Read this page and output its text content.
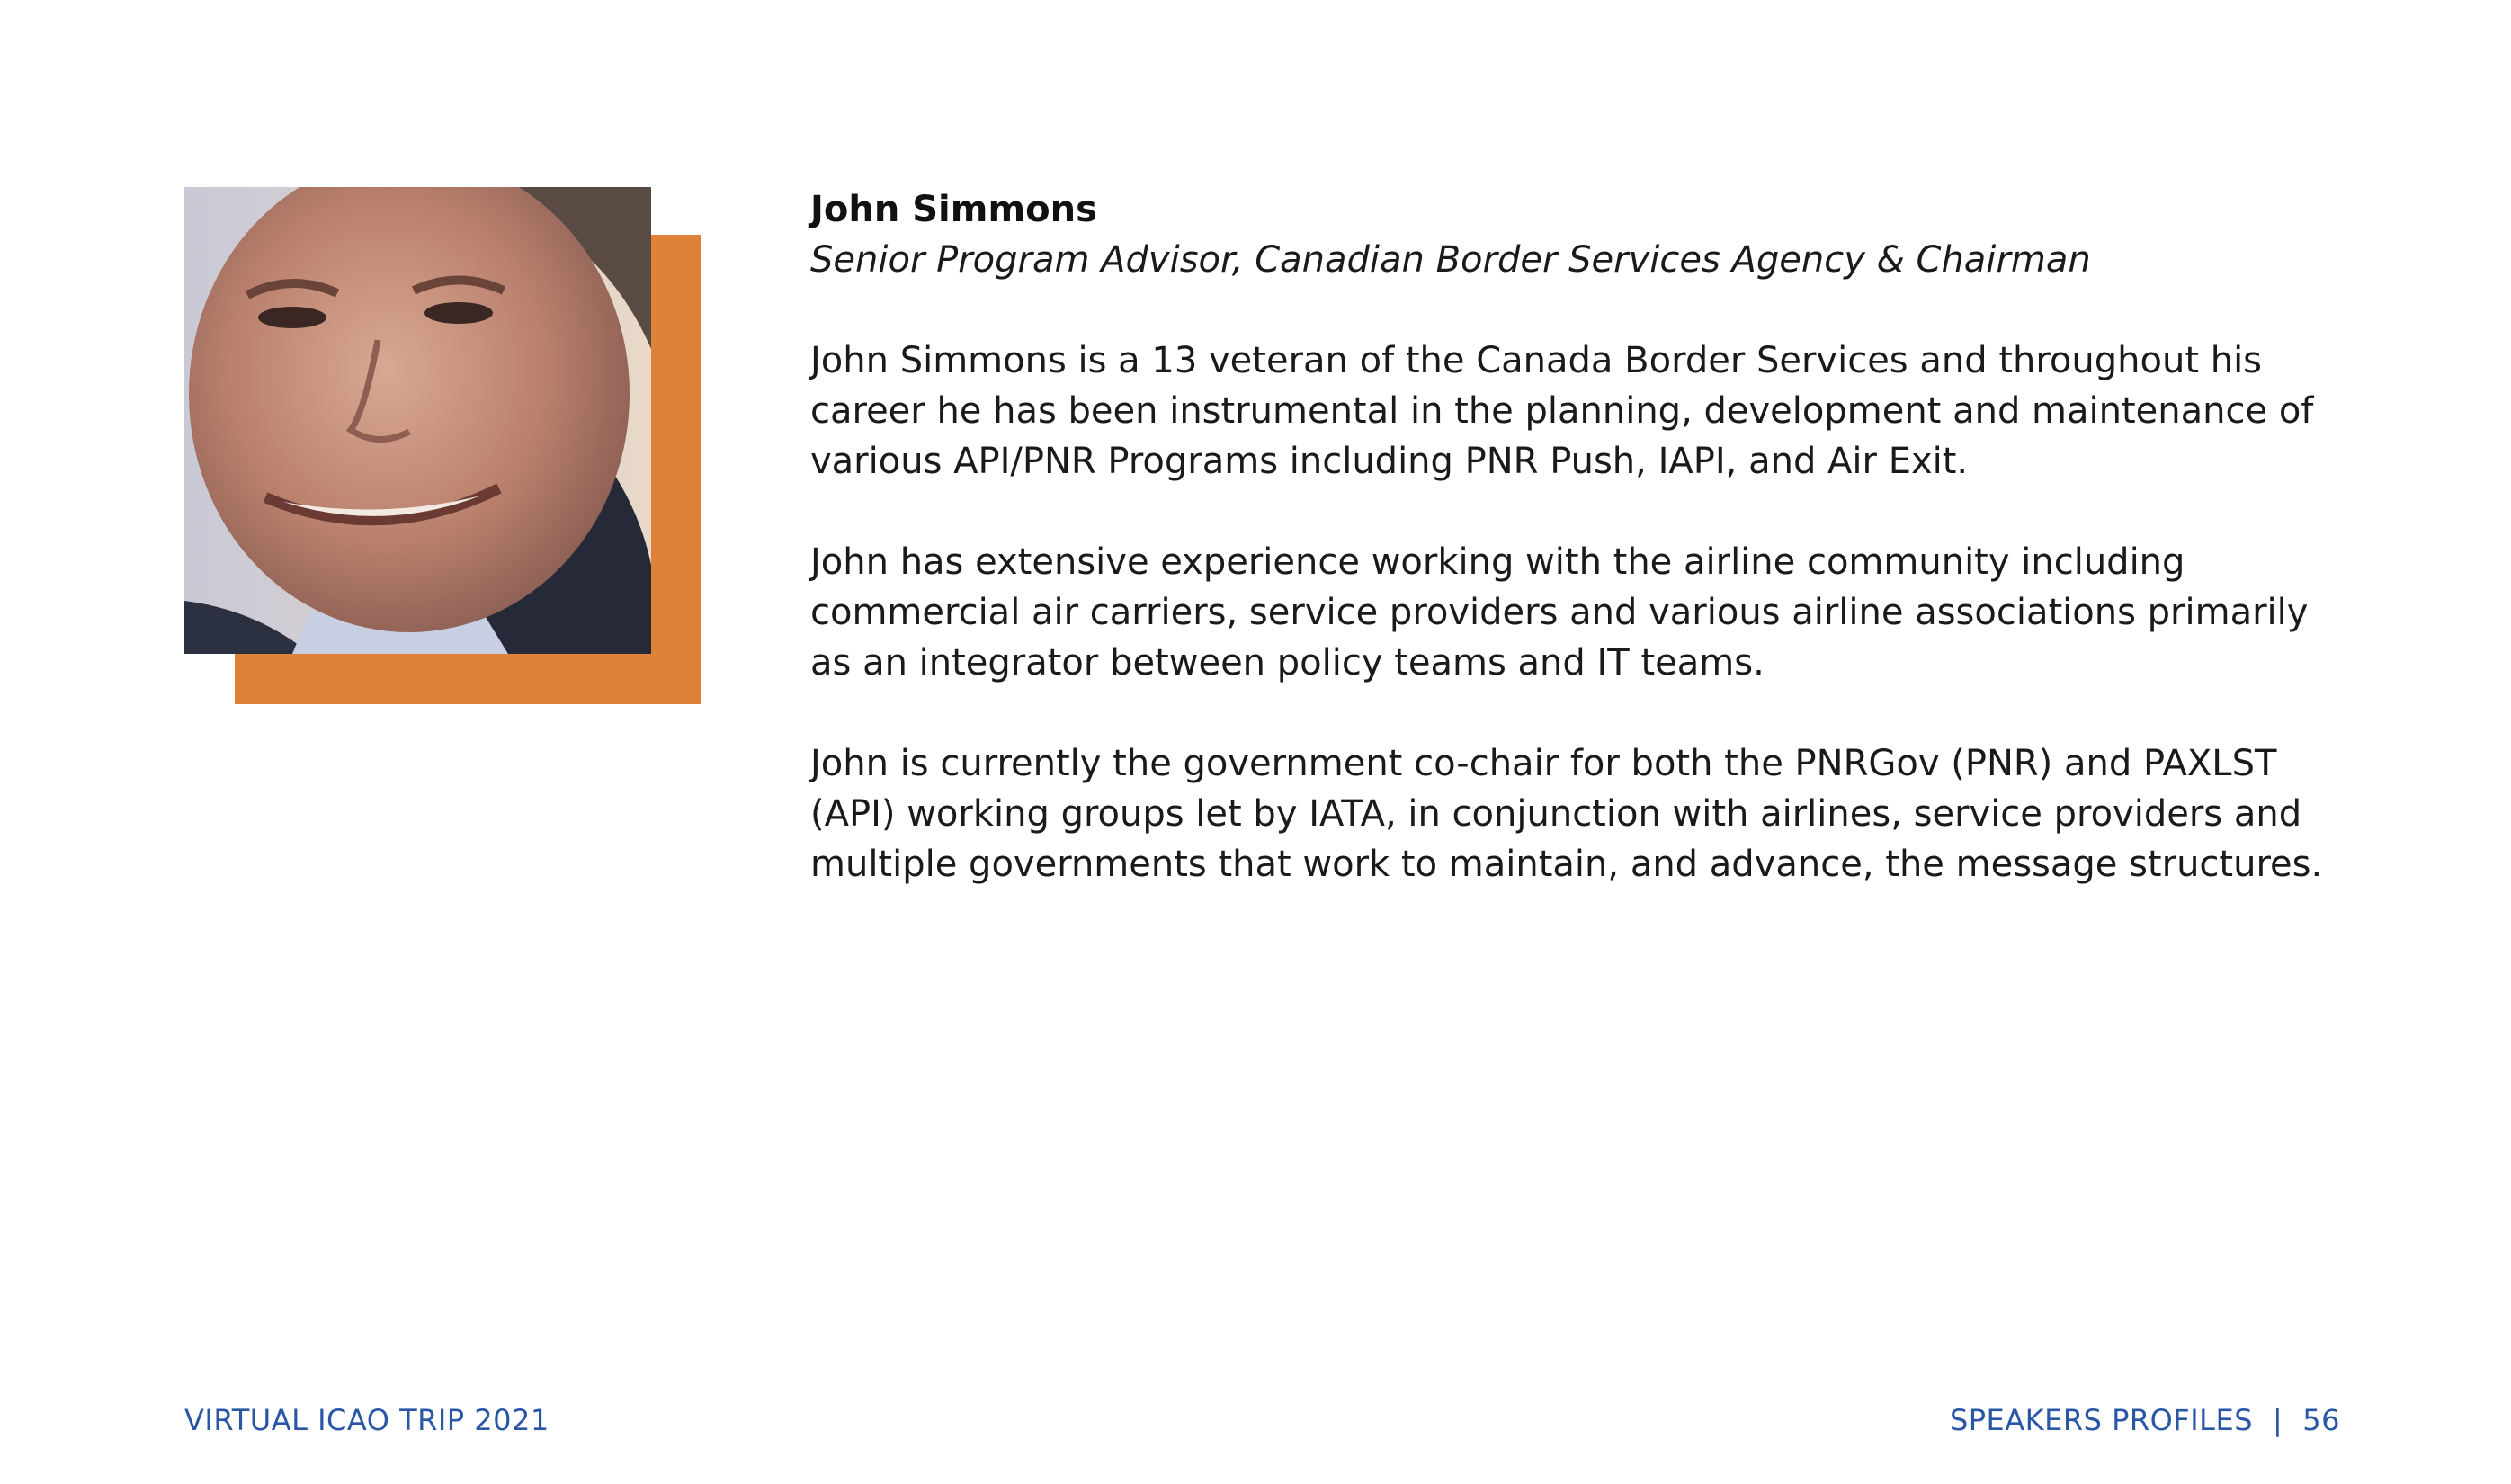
John Simmons

Senior Program Advisor, Canadian Border Services Agency & Chairman

John Simmons is a 13 veteran of the Canada Border Services and throughout his career he has been instrumental in the planning, development and maintenance of various API/PNR Programs including PNR Push, IAPI, and Air Exit.

John has extensive experience working with the airline community including commercial air carriers, service providers and various airline associations primarily as an integrator between policy teams and IT teams.

John is currently the government co-chair for both the PNRGov (PNR) and PAXLST (API) working groups let by IATA, in conjunction with airlines, service providers and multiple governments that work to maintain, and advance, the message structures.

VIRTUAL ICAO TRIP 2021	SPEAKERS PROFILES | 56
